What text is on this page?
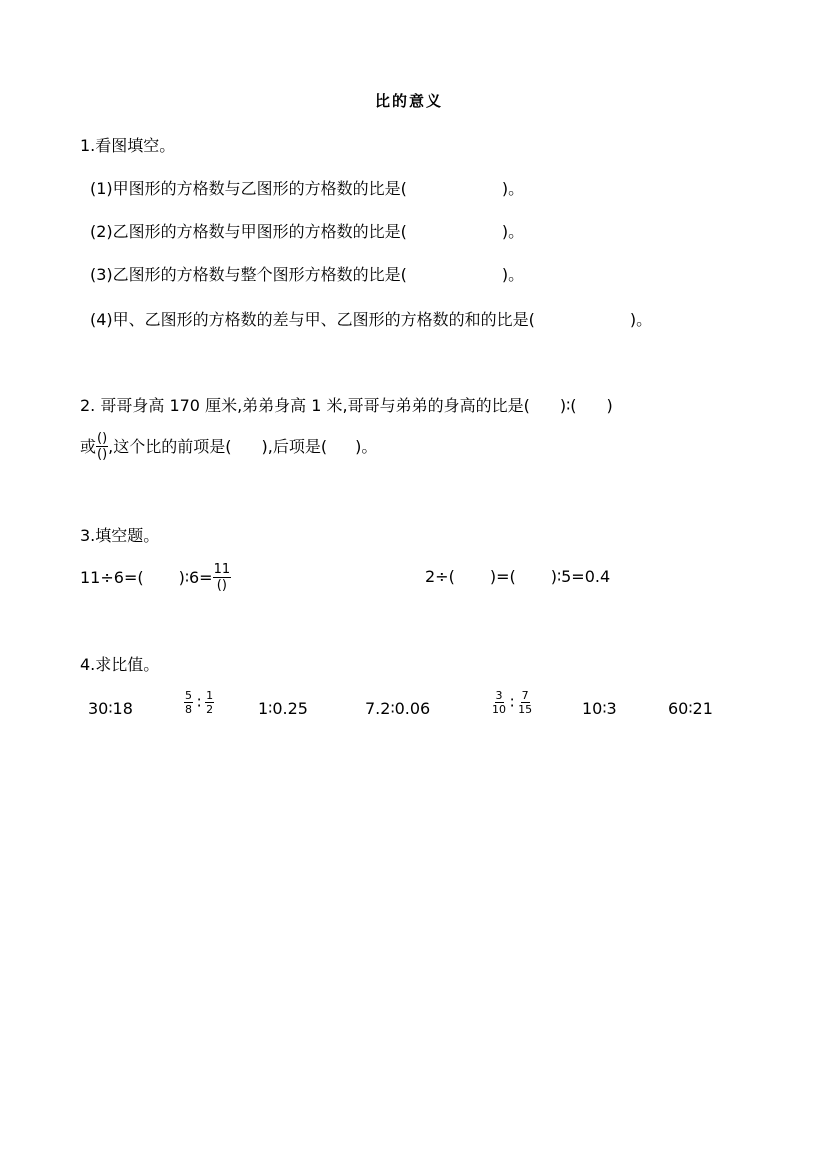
比的意义
1.看图填空。
(1)甲图形的方格数与乙图形的方格数的比是(	)。
(2)乙图形的方格数与甲图形的方格数的比是(	)。
(3)乙图形的方格数与整个图形方格数的比是(	)。
(4)甲、乙图形的方格数的差与甲、乙图形的方格数的和的比是(	)。
2. 哥哥身高 170 厘米,弟弟身高 1 米,哥哥与弟弟的身高的比是( )∶( )
或 $\frac{()}{()}$ ,这个比的前项是( ),后项是( )。
3.填空题。
11÷6=( )∶6= $\frac{11}{()}$	2÷( )=( )∶5=0.4
4.求比值。
30∶18	$\frac{5}{8}$ ∶ $\frac{1}{2}$	1∶0.25	7.2∶0.06	$\frac{3}{10}$ ∶ $\frac{7}{15}$	10∶3	60∶21
